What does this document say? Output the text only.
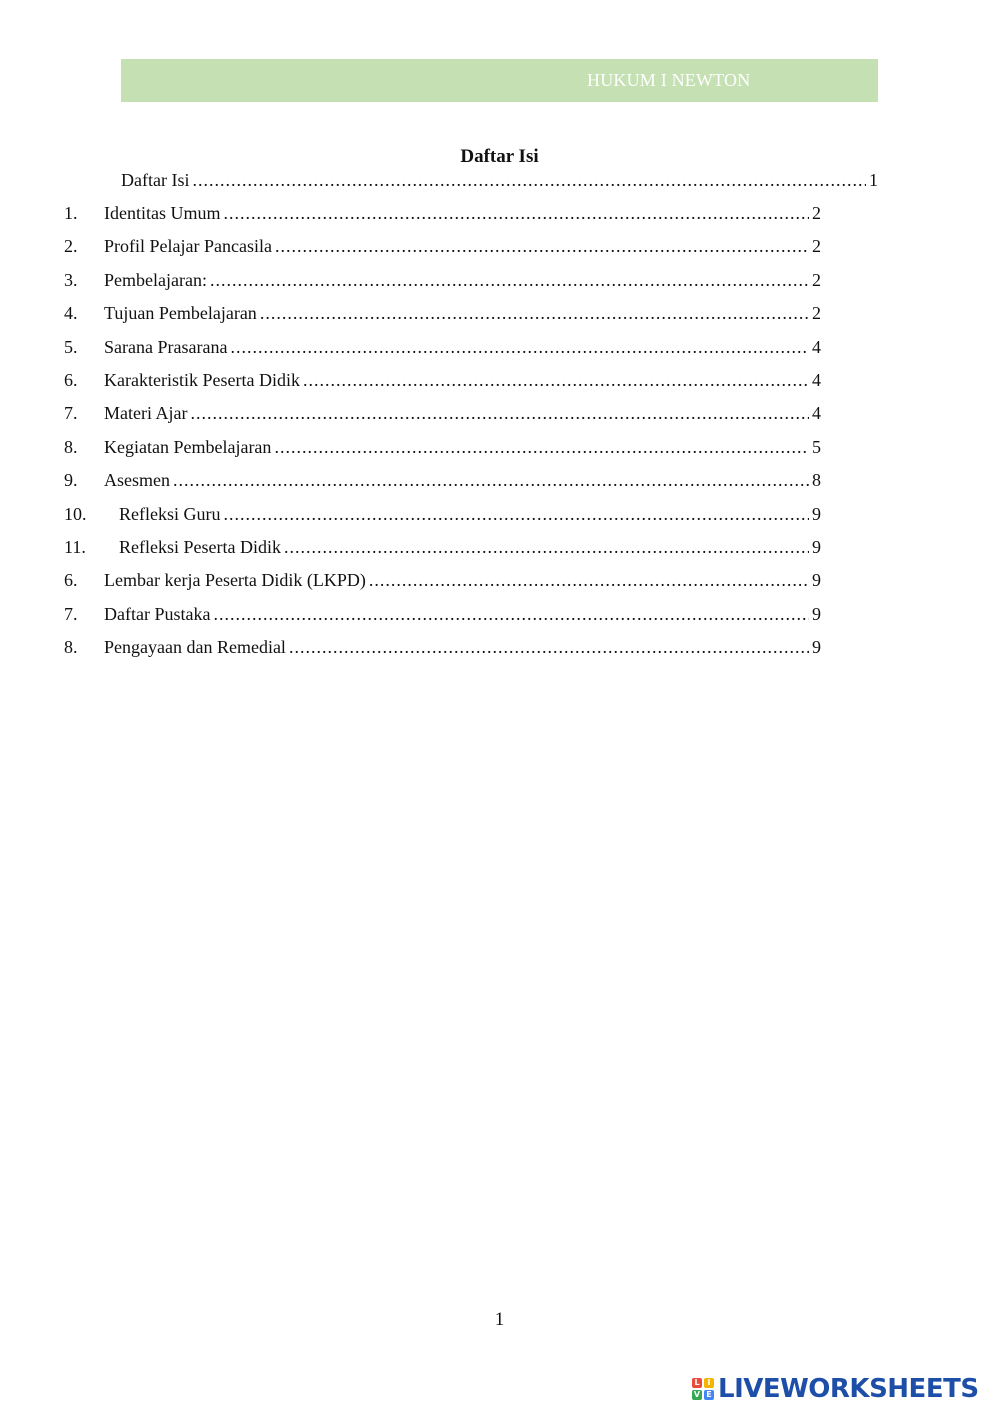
HUKUM I NEWTON
Daftar Isi
Daftar Isi .....	1
1.	Identitas Umum .....	2
2.	Profil Pelajar Pancasila .....	2
3.	Pembelajaran: .....	2
4.	Tujuan Pembelajaran .....	2
5.	Sarana Prasarana .....	4
6.	Karakteristik Peserta Didik .....	4
7.	Materi Ajar .....	4
8.	Kegiatan Pembelajaran .....	5
9.	Asesmen .....	8
10.	Refleksi Guru .....	9
11.	Refleksi Peserta Didik .....	9
6.	Lembar kerja Peserta Didik (LKPD) .....	9
7.	Daftar Pustaka .....	9
8.	Pengayaan dan Remedial .....	9
1
L I
V E LIVEWORKSHEETS
